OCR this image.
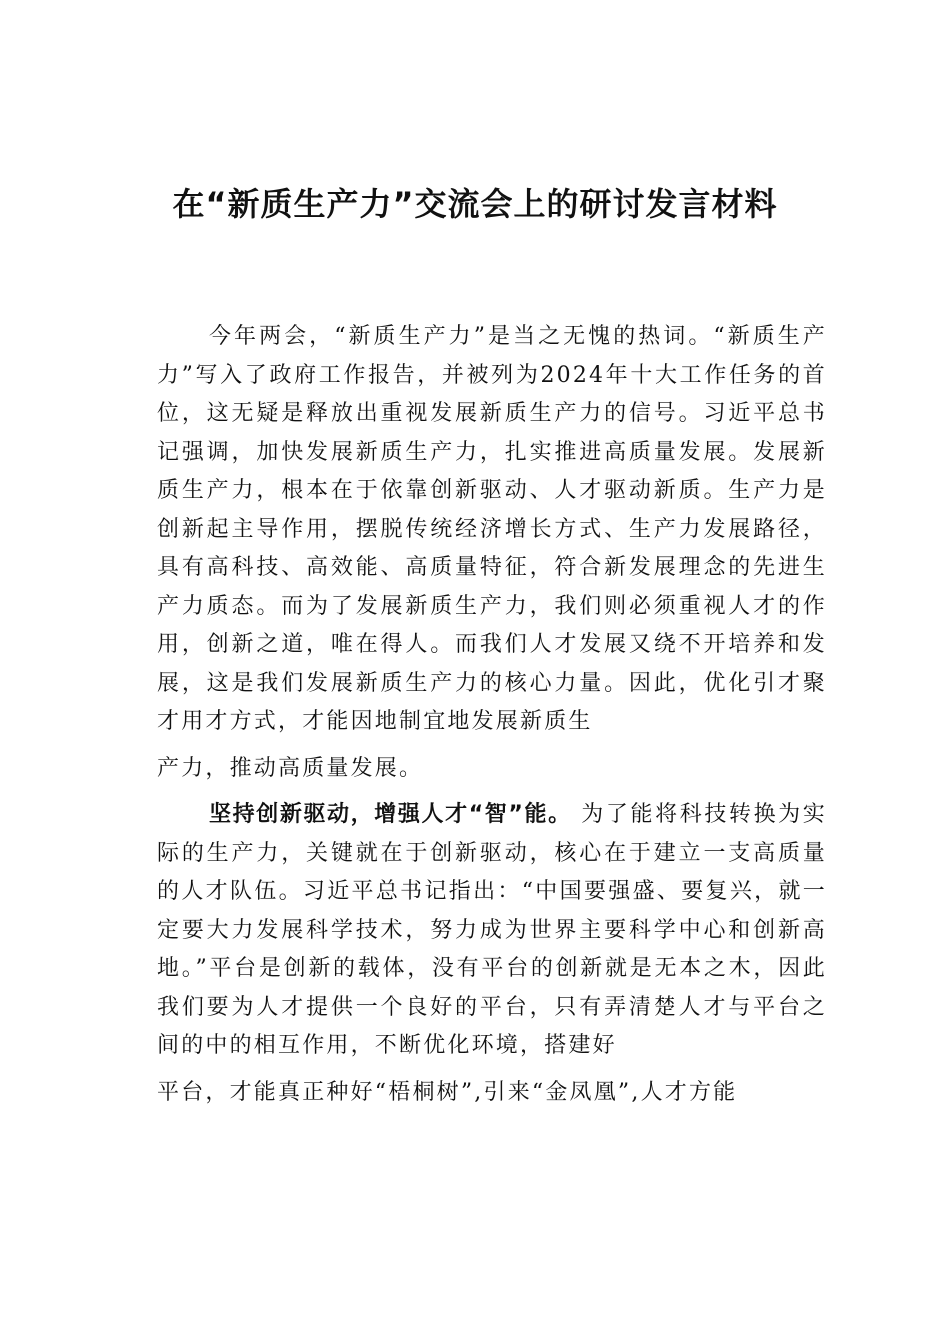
在“新质生产力”交流会上的研讨发言材料

今年两会，“新质生产力”是当之无愧的热词。“新质生产力”写入了政府工作报告，并被列为2024年十大工作任务的首位，这无疑是释放出重视发展新质生产力的信号。习近平总书记强调，加快发展新质生产力，扎实推进高质量发展。发展新质生产力，根本在于依靠创新驱动、人才驱动新质。生产力是创新起主导作用，摆脱传统经济增长方式、生产力发展路径，具有高科技、高效能、高质量特征，符合新发展理念的先进生产力质态。而为了发展新质生产力，我们则必须重视人才的作用，创新之道，唯在得人。而我们人才发展又绕不开培养和发展，这是我们发展新质生产力的核心力量。因此，优化引才聚才用才方式，才能因地制宜地发展新质生
产力，推动高质量发展。

坚持创新驱动，增强人才“智”能。 为了能将科技转换为实际的生产力，关键就在于创新驱动，核心在于建立一支高质量的人才队伍。习近平总书记指出：“中国要强盛、要复兴，就一定要大力发展科学技术，努力成为世界主要科学中心和创新高地。”平台是创新的载体，没有平台的创新就是无本之木，因此我们要为人才提供一个良好的平台，只有弄清楚人才与平台之间的中的相互作用，不断优化环境，搭建好
平台，才能真正种好“梧桐树”,引来“金凤凰”,人才方能
